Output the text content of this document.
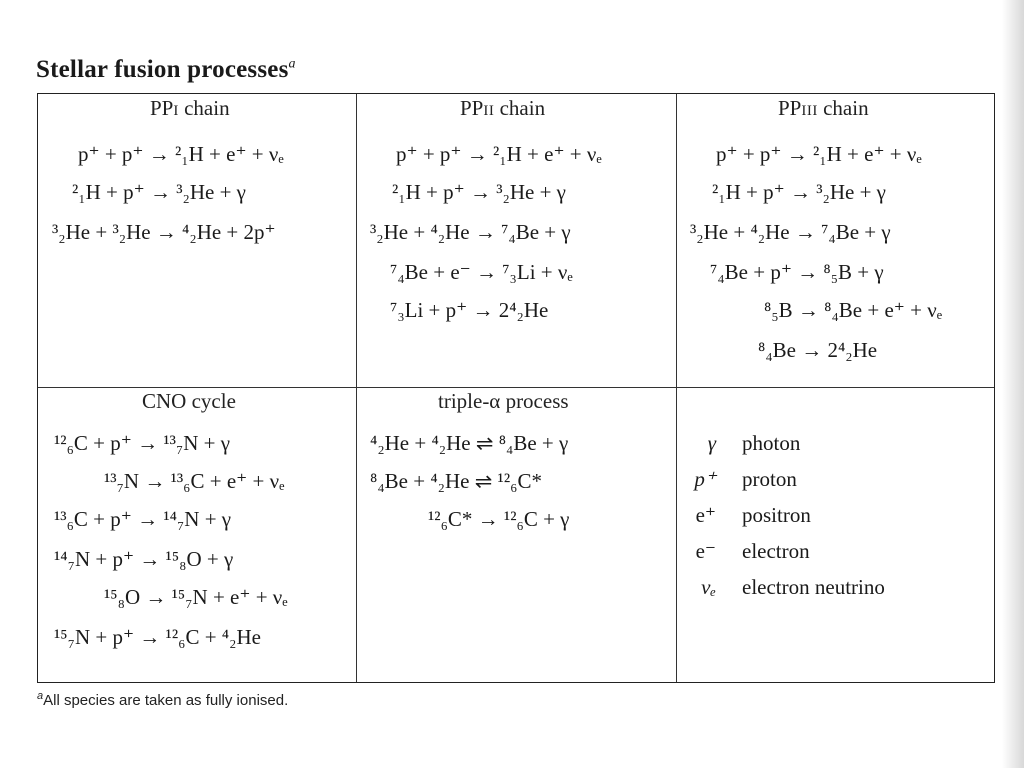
Stellar fusion processes$^a$
PPI chain
p⁺ + p⁺ → ²₁H + e⁺ + νₑ
²₁H + p⁺ → ³₂He + γ
³₂He + ³₂He → ⁴₂He + 2p⁺
PPII chain
p⁺ + p⁺ → ²₁H + e⁺ + νₑ
²₁H + p⁺ → ³₂He + γ
³₂He + ⁴₂He → ⁷₄Be + γ
⁷₄Be + e⁻ → ⁷₃Li + νₑ
⁷₃Li + p⁺ → 2⁴₂He
PPIII chain
p⁺ + p⁺ → ²₁H + e⁺ + νₑ
²₁H + p⁺ → ³₂He + γ
³₂He + ⁴₂He → ⁷₄Be + γ
⁷₄Be + p⁺ → ⁸₅B + γ
⁸₅B → ⁸₄Be + e⁺ + νₑ
⁸₄Be → 2⁴₂He
CNO cycle
¹²₆C + p⁺ → ¹³₇N + γ
¹³₇N → ¹³₆C + e⁺ + νₑ
¹³₆C + p⁺ → ¹⁴₇N + γ
¹⁴₇N + p⁺ → ¹⁵₈O + γ
¹⁵₈O → ¹⁵₇N + e⁺ + νₑ
¹⁵₇N + p⁺ → ¹²₆C + ⁴₂He
triple-α process
⁴₂He + ⁴₂He ⇌ ⁸₄Be + γ
⁸₄Be + ⁴₂He ⇌ ¹²₆C*
¹²₆C* → ¹²₆C + γ
γ photon
p⁺ proton
e⁺ positron
e⁻ electron
νₑ electron neutrino
$^a$All species are taken as fully ionised.
